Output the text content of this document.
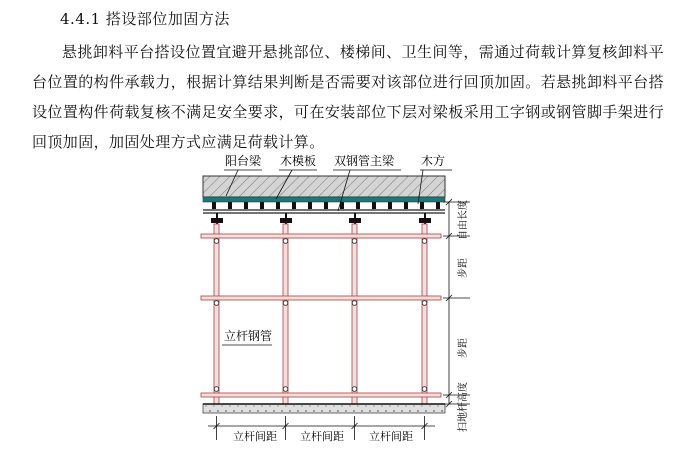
4.4.1 搭设部位加固方法

悬挑卸料平台搭设位置宜避开悬挑部位、楼梯间、卫生间等，需通过荷载计算复核卸料平台位置的构件承载力，根据计算结果判断是否需要对该部位进行回顶加固。若悬挑卸料平台搭设位置构件荷载复核不满足安全要求，可在安装部位下层对梁板采用工字钢或钢管脚手架进行回顶加固，加固处理方式应满足荷载计算。

阳台梁 木模板 双钢管主梁 木方
立杆钢管
自由长度
步距
步距
扫地杆高度
立杆间距 立杆间距 立杆间距
